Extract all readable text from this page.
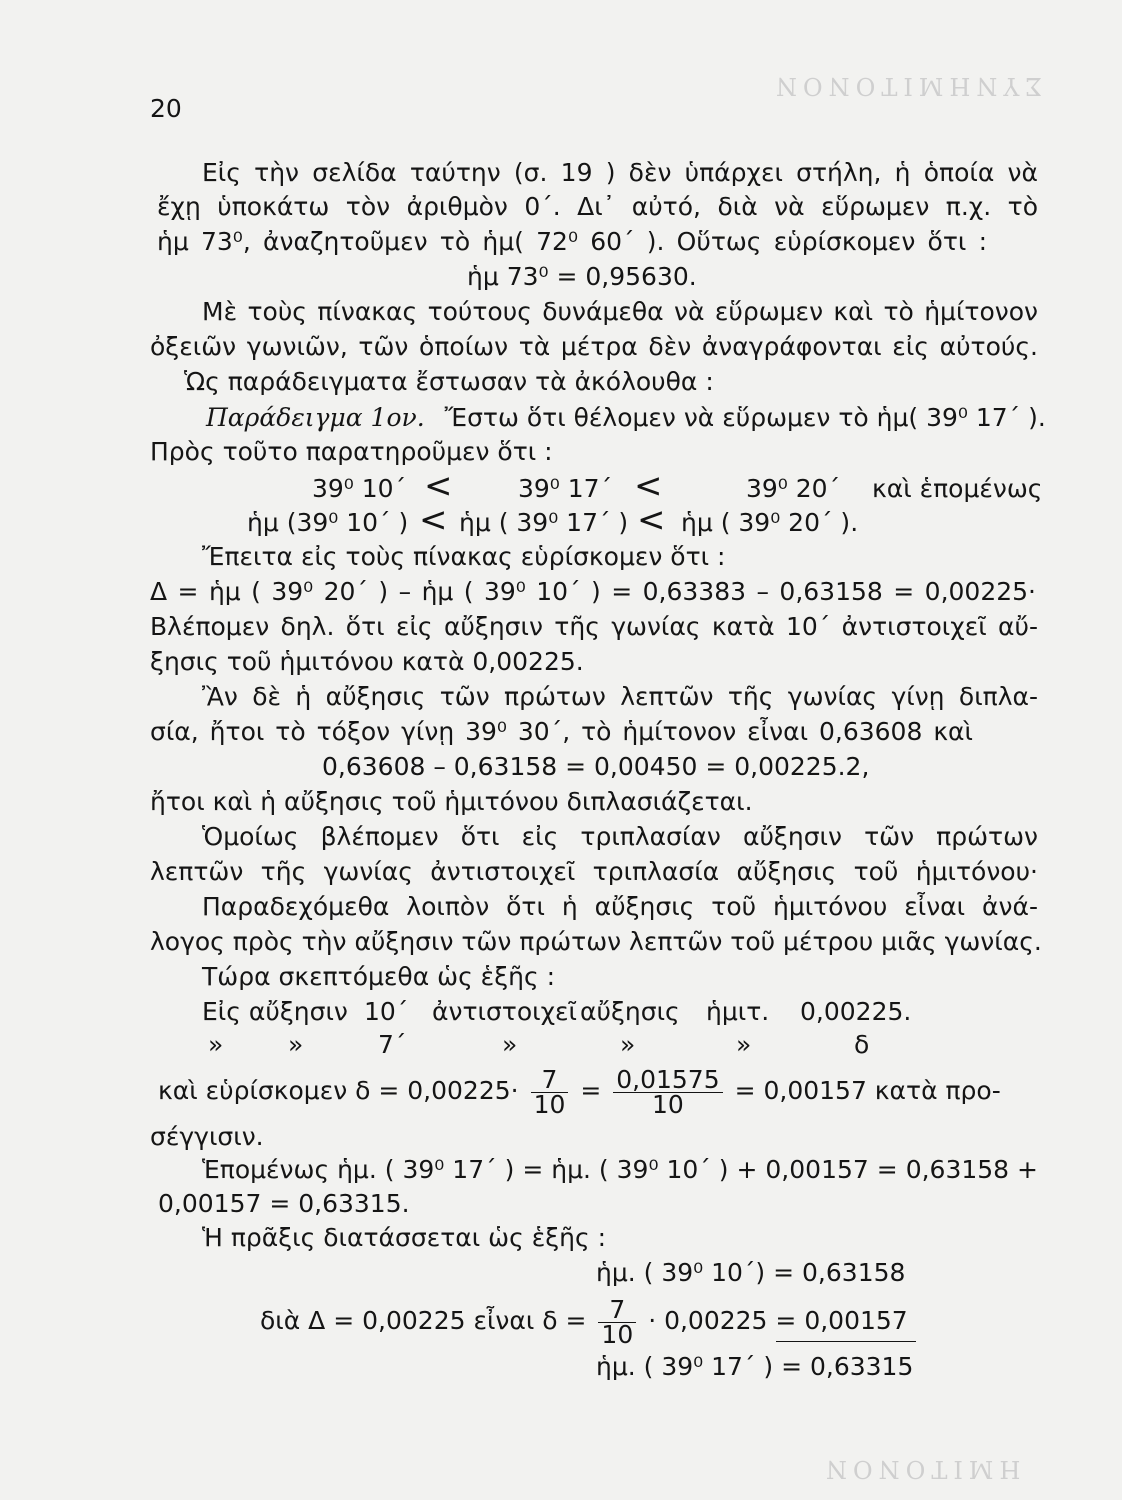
ΣΥΝΗΜΙΤΟΝΟΝ
ΗΜΙΤΟΝΟΝ
20
Εἰς τὴν σελίδα ταύτην (σ. 19 ) δὲν ὑπάρχει στήλη, ἡ ὁποία νὰ
ἔχῃ ὑποκάτω τὸν ἀριθμὸν 0΄. Δι᾽ αὐτό, διὰ νὰ εὕρωμεν π.χ. τὸ
ἡμ 73⁰, ἀναζητοῦμεν τὸ ἡμ( 72⁰ 60΄ ). Οὕτως εὑρίσκομεν ὅτι :
ἡμ 73⁰ = 0,95630.
Μὲ τοὺς πίνακας τούτους δυνάμεθα νὰ εὕρωμεν καὶ τὸ ἡμίτονον
ὀξειῶν γωνιῶν, τῶν ὁποίων τὰ μέτρα δὲν ἀναγράφονται εἰς αὐτούς.
Ὡς παράδειγματα ἔστωσαν τὰ ἀκόλουθα :
Παράδειγμα 1ον. Ἔστω ὅτι θέλομεν νὰ εὕρωμεν τὸ ἡμ( 39⁰ 17΄ ).
Πρὸς τοῦτο παρατηροῦμεν ὅτι :
39⁰ 10΄ <	39⁰ 17΄ <	39⁰ 20΄ καὶ ἑπομένως
ἡμ (39⁰ 10΄ ) < ἡμ ( 39⁰ 17΄ ) < ἡμ ( 39⁰ 20΄ ).
Ἔπειτα εἰς τοὺς πίνακας εὑρίσκομεν ὅτι :
Δ = ἡμ ( 39⁰ 20΄ ) – ἡμ ( 39⁰ 10΄ ) = 0,63383 – 0,63158 = 0,00225·
Βλέπομεν δηλ. ὅτι εἰς αὔξησιν τῆς γωνίας κατὰ 10΄ ἀντιστοιχεῖ αὔ-
ξησις τοῦ ἡμιτόνου κατὰ 0,00225.
Ἂν δὲ ἡ αὔξησις τῶν πρώτων λεπτῶν τῆς γωνίας γίνῃ διπλα-
σία, ἤτοι τὸ τόξον γίνῃ 39⁰ 30΄, τὸ ἡμίτονον εἶναι 0,63608 καὶ
0,63608 – 0,63158 = 0,00450 = 0,00225.2,
ἤτοι καὶ ἡ αὔξησις τοῦ ἡμιτόνου διπλασιάζεται.
Ὁμοίως βλέπομεν ὅτι εἰς τριπλασίαν αὔξησιν τῶν πρώτων
λεπτῶν τῆς γωνίας ἀντιστοιχεῖ τριπλασία αὔξησις τοῦ ἡμιτόνου·
Παραδεχόμεθα λοιπὸν ὅτι ἡ αὔξησις τοῦ ἡμιτόνου εἶναι ἀνά-
λογος πρὸς τὴν αὔξησιν τῶν πρώτων λεπτῶν τοῦ μέτρου μιᾶς γωνίας.
Τώρα σκεπτόμεθα ὡς ἑξῆς :
Εἰς αὔξησιν 10΄ ἀντιστοιχεῖ αὔξησις ἡμιτ. 0,00225.
»	»	7΄	»	»	»	δ
καὶ εὑρίσκομεν $\delta = 0,00225\cdot \frac{7}{10} = \frac{0,01575}{10} = 0,00157$ κατὰ προ-
σέγγισιν.
Ἑπομένως ἡμ. ( 39⁰ 17΄ ) = ἡμ. ( 39⁰ 10΄ ) + 0,00157 = 0,63158 +
0,00157 = 0,63315.
Ἡ πρᾶξις διατάσσεται ὡς ἑξῆς :
ἡμ. ( 39⁰ 10΄) = 0,63158
διὰ Δ = 0,00225 εἶναι $\delta = \frac{7}{10} \cdot 0,00225 = 0,00157$
ἡμ. ( 39⁰ 17΄ ) = 0,63315
